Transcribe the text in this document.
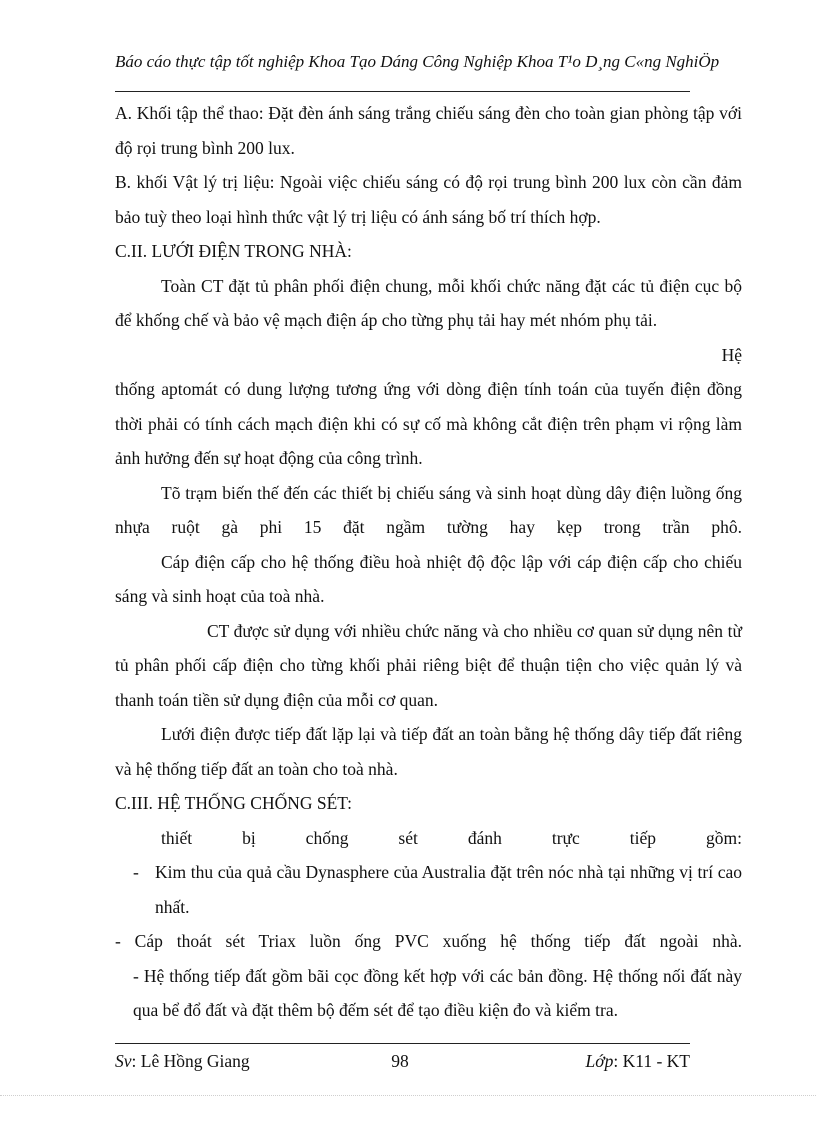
Báo cáo thực tập tốt nghiệp Khoa Tạo Dáng Công Nghiệp Khoa T¹o D¸ng C«ng NghiÖp

A. Khối tập thể thao: Đặt đèn ánh sáng trắng chiếu sáng đèn cho toàn gian phòng tập với độ rọi trung bình 200 lux.

B. khối Vật lý trị liệu: Ngoài việc chiếu sáng có độ rọi trung bình 200 lux còn cần đảm bảo tuỳ theo loại hình thức vật lý trị liệu có ánh sáng bố trí thích hợp.

C.II. LƯỚI ĐIỆN TRONG NHÀ:

Toàn CT đặt tủ phân phối điện chung, mỗi khối chức năng đặt các tủ điện cục bộ để khống chế và bảo vệ mạch điện áp cho từng phụ tải hay mét nhóm phụ tải.

Hệ

thống aptomát có dung lượng tương ứng với dòng điện tính toán của tuyến điện đồng thời phải có tính cách mạch điện khi có sự cố mà không cắt điện trên phạm vi rộng làm ảnh hưởng đến sự hoạt động của công trình.

Tõ trạm biến thế đến các thiết bị chiếu sáng và sinh hoạt dùng dây điện luồng ống nhựa ruột gà phi 15 đặt ngầm tường hay kẹp trong trần phô.

Cáp điện cấp cho hệ thống điều hoà nhiệt độ độc lập với cáp điện cấp cho chiếu sáng và sinh hoạt của toà nhà.

CT được sử dụng với nhiều chức năng và cho nhiều cơ quan sử dụng nên từ tủ phân phối cấp điện cho từng khối phải riêng biệt để thuận tiện cho việc quản lý và thanh toán tiền sử dụng điện của mỗi cơ quan.

Lưới điện được tiếp đất lặp lại và tiếp đất an toàn bằng hệ thống dây tiếp đất riêng và hệ thống tiếp đất an toàn cho toà nhà.

C.III. HỆ THỐNG CHỐNG SÉT:

thiết bị chống sét đánh trực tiếp gồm:

- Kim thu của quả cầu Dynasphere của Australia đặt trên nóc nhà tại những vị trí cao nhất.

- Cáp thoát sét Triax luồn ống PVC xuống hệ thống tiếp đất ngoài nhà.

- Hệ thống tiếp đất gồm bãi cọc đồng kết hợp với các bản đồng. Hệ thống nối đất này qua bể đổ đất và đặt thêm bộ đếm sét để tạo điều kiện đo và kiểm tra.

Sv: Lê Hồng Giang	98	Lớp: K11 - KT
